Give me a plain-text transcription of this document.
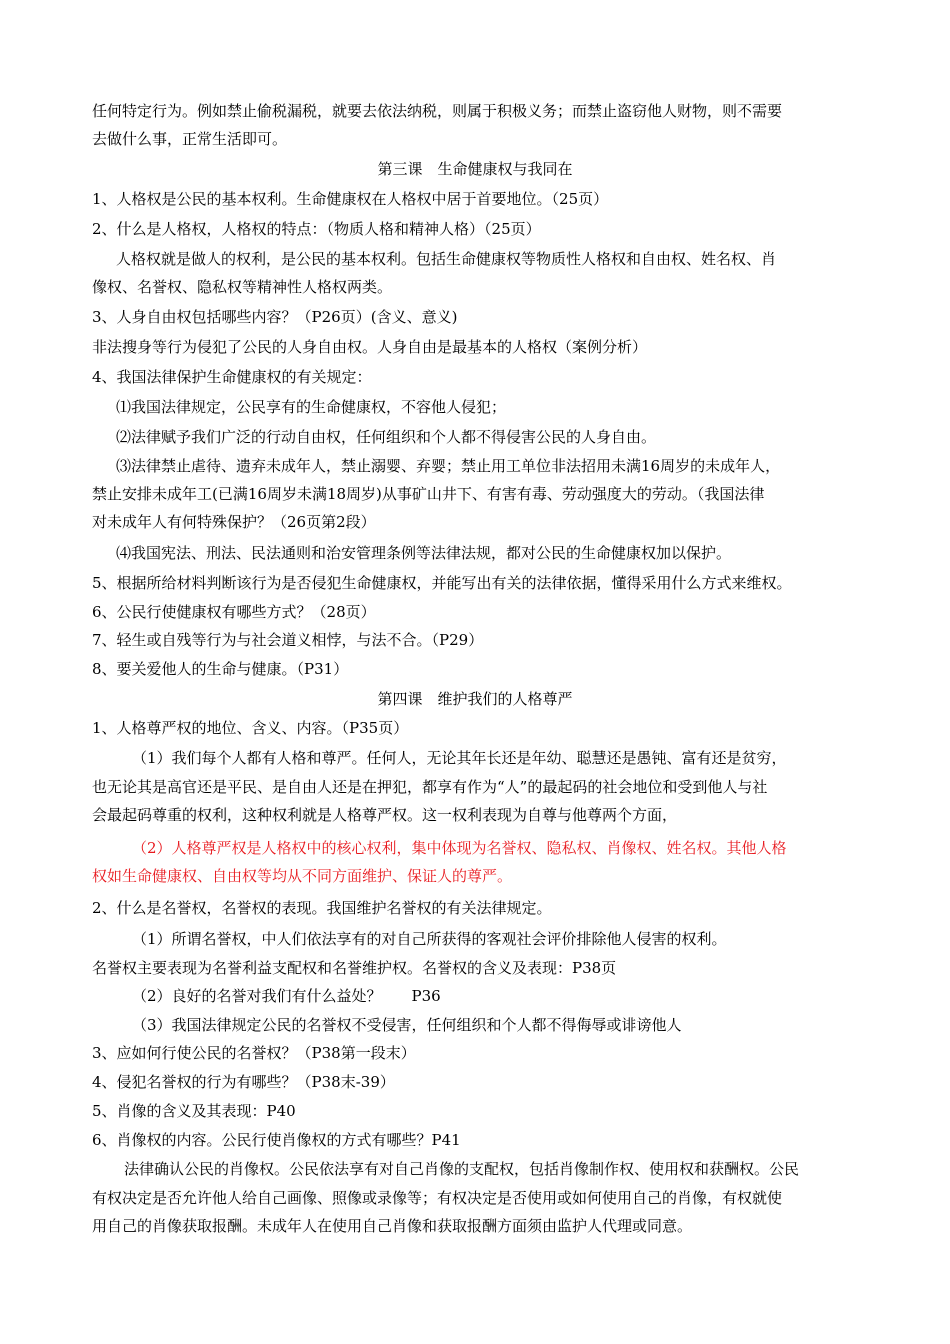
任何特定行为。例如禁止偷税漏税，就要去依法纳税，则属于积极义务；而禁止盗窃他人财物，则不需要
去做什么事，正常生活即可。
第三课　生命健康权与我同在
1、人格权是公民的基本权利。生命健康权在人格权中居于首要地位。（25页）
2、什么是人格权，人格权的特点：（物质人格和精神人格）（25页）
人格权就是做人的权利，是公民的基本权利。包括生命健康权等物质性人格权和自由权、姓名权、肖
像权、名誉权、隐私权等精神性人格权两类。
3、人身自由权包括哪些内容？（P26页）(含义、意义)
非法搜身等行为侵犯了公民的人身自由权。人身自由是最基本的人格权（案例分析）
4、我国法律保护生命健康权的有关规定：
⑴我国法律规定，公民享有的生命健康权，不容他人侵犯；
⑵法律赋予我们广泛的行动自由权，任何组织和个人都不得侵害公民的人身自由。
⑶法律禁止虐待、遗弃未成年人，禁止溺婴、弃婴；禁止用工单位非法招用未满16周岁的未成年人，
禁止安排未成年工(已满16周岁未满18周岁)从事矿山井下、有害有毒、劳动强度大的劳动。（我国法律
对未成年人有何特殊保护？（26页第2段）
⑷我国宪法、刑法、民法通则和治安管理条例等法律法规，都对公民的生命健康权加以保护。
5、根据所给材料判断该行为是否侵犯生命健康权，并能写出有关的法律依据，懂得采用什么方式来维权。
6、公民行使健康权有哪些方式？（28页）
7、轻生或自残等行为与社会道义相悖，与法不合。（P29）
8、要关爱他人的生命与健康。（P31）
第四课　维护我们的人格尊严
1、人格尊严权的地位、含义、内容。（P35页）
（1）我们每个人都有人格和尊严。任何人，无论其年长还是年幼、聪慧还是愚钝、富有还是贫穷，
也无论其是高官还是平民、是自由人还是在押犯，都享有作为“人”的最起码的社会地位和受到他人与社
会最起码尊重的权利，这种权利就是人格尊严权。这一权利表现为自尊与他尊两个方面，
（2）人格尊严权是人格权中的核心权利，集中体现为名誉权、隐私权、肖像权、姓名权。其他人格
权如生命健康权、自由权等均从不同方面维护、保证人的尊严。
2、什么是名誉权，名誉权的表现。我国维护名誉权的有关法律规定。
（1）所谓名誉权，中人们依法享有的对自己所获得的客观社会评价排除他人侵害的权利。
名誉权主要表现为名誉利益支配权和名誉维护权。名誉权的含义及表现：P38页
（2）良好的名誉对我们有什么益处？　　P36
（3）我国法律规定公民的名誉权不受侵害，任何组织和个人都不得侮辱或诽谤他人
3、应如何行使公民的名誉权？（P38第一段末）
4、侵犯名誉权的行为有哪些？（P38末-39）
5、肖像的含义及其表现：P40
6、肖像权的内容。公民行使肖像权的方式有哪些？P41
法律确认公民的肖像权。公民依法享有对自己肖像的支配权，包括肖像制作权、使用权和获酬权。公民
有权决定是否允许他人给自己画像、照像或录像等；有权决定是否使用或如何使用自己的肖像，有权就使
用自己的肖像获取报酬。未成年人在使用自己肖像和获取报酬方面须由监护人代理或同意。
